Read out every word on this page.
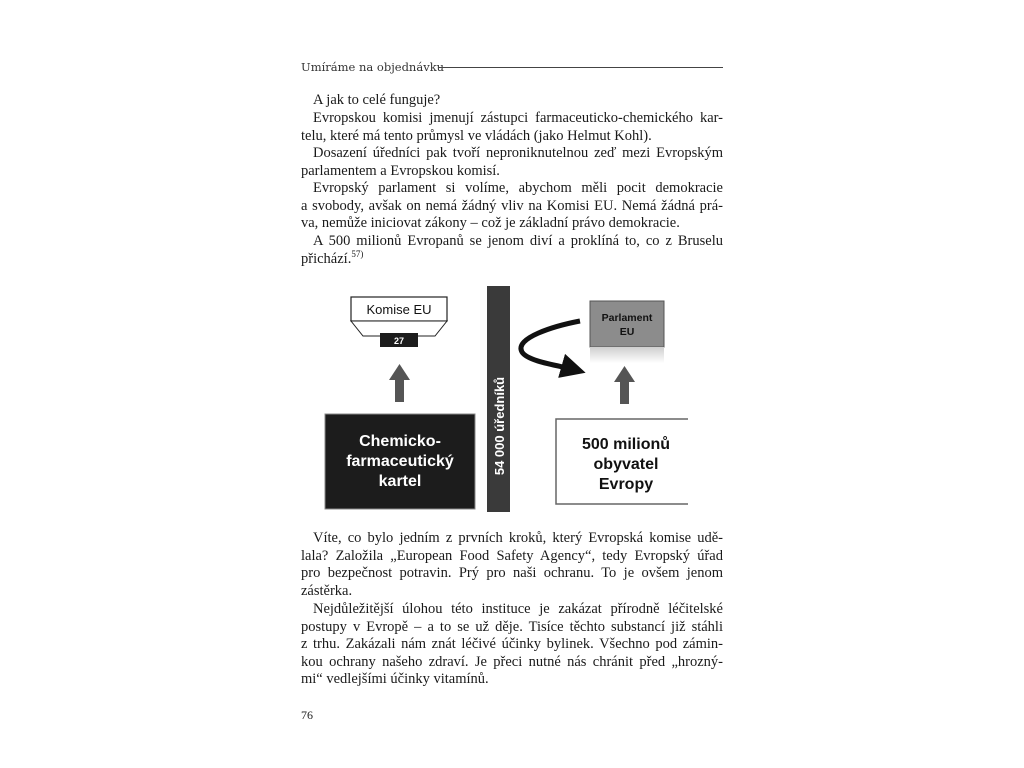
Umíráme na objednávku
A jak to celé funguje?
Evropskou komisi jmenují zástupci farmaceuticko-chemického kar-
telu, které má tento průmysl ve vládách (jako Helmut Kohl).
Dosazení úředníci pak tvoří neproniknutelnou zeď mezi Evropským
parlamentem a Evropskou komisí.
Evropský parlament si volíme, abychom měli pocit demokracie
a svobody, avšak on nemá žádný vliv na Komisi EU. Nemá žádná prá-
va, nemůže iniciovat zákony – což je základní právo demokracie.
A 500 milionů Evropanů se jenom diví a proklíná to, co z Bruselu
přichází.$^{57)}$
Komise EU
27
Chemicko-
farmaceutický
kartel
54 000 úředníků
Parlament
EU
500 milionů
obyvatel
Evropy
Víte, co bylo jedním z prvních kroků, který Evropská komise udě-
lala? Založila „European Food Safety Agency“, tedy Evropský úřad
pro bezpečnost potravin. Prý pro naši ochranu. To je ovšem jenom
zástěrka.
Nejdůležitější úlohou této instituce je zakázat přírodně léčitelské
postupy v Evropě – a to se už děje. Tisíce těchto substancí již stáhli
z trhu. Zakázali nám znát léčivé účinky bylinek. Všechno pod zámin-
kou ochrany našeho zdraví. Je přeci nutné nás chránit před „hrozný-
mi“ vedlejšími účinky vitamínů.
76
